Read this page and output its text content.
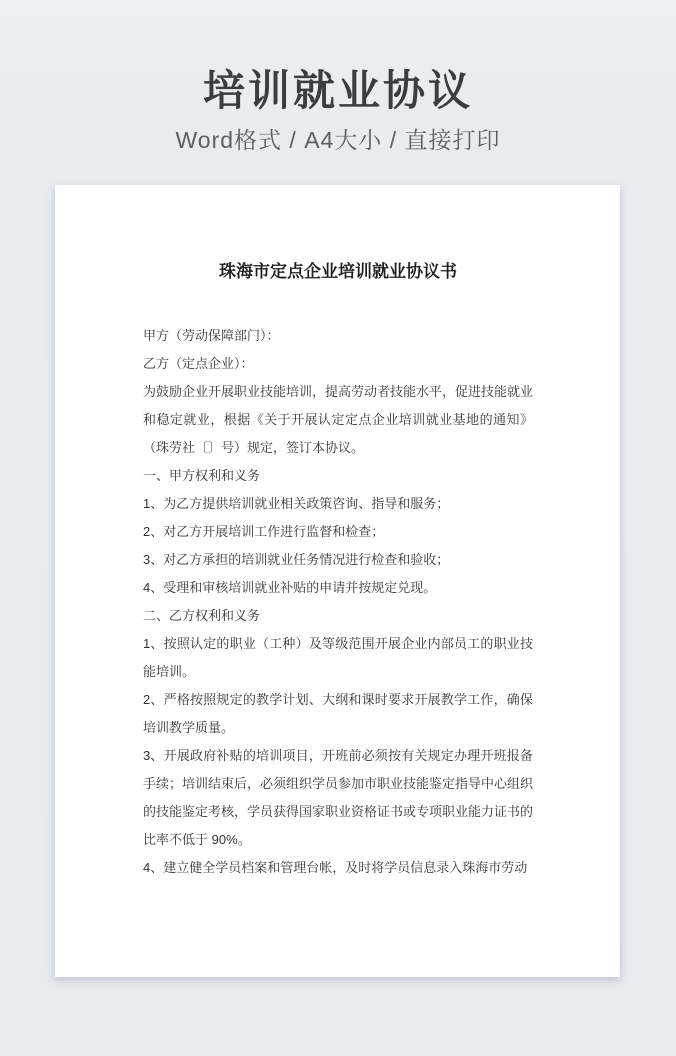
培训就业协议
Word格式 / A4大小 / 直接打印
珠海市定点企业培训就业协议书

甲方（劳动保障部门）：

乙方（定点企业）：

为鼓励企业开展职业技能培训，提高劳动者技能水平，促进技能就业和稳定就业，根据《关于开展认定定点企业培训就业基地的通知》（珠劳社〔〕号）规定，签订本协议。

一、甲方权利和义务

1、为乙方提供培训就业相关政策咨询、指导和服务；

2、对乙方开展培训工作进行监督和检查；

3、对乙方承担的培训就业任务情况进行检查和验收；

4、受理和审核培训就业补贴的申请并按规定兑现。

二、乙方权利和义务

1、按照认定的职业（工种）及等级范围开展企业内部员工的职业技能培训。

2、严格按照规定的教学计划、大纲和课时要求开展教学工作，确保培训教学质量。

3、开展政府补贴的培训项目，开班前必须按有关规定办理开班报备手续；培训结束后，必须组织学员参加市职业技能鉴定指导中心组织的技能鉴定考核，学员获得国家职业资格证书或专项职业能力证书的比率不低于 90%。

4、建立健全学员档案和管理台帐，及时将学员信息录入珠海市劳动
